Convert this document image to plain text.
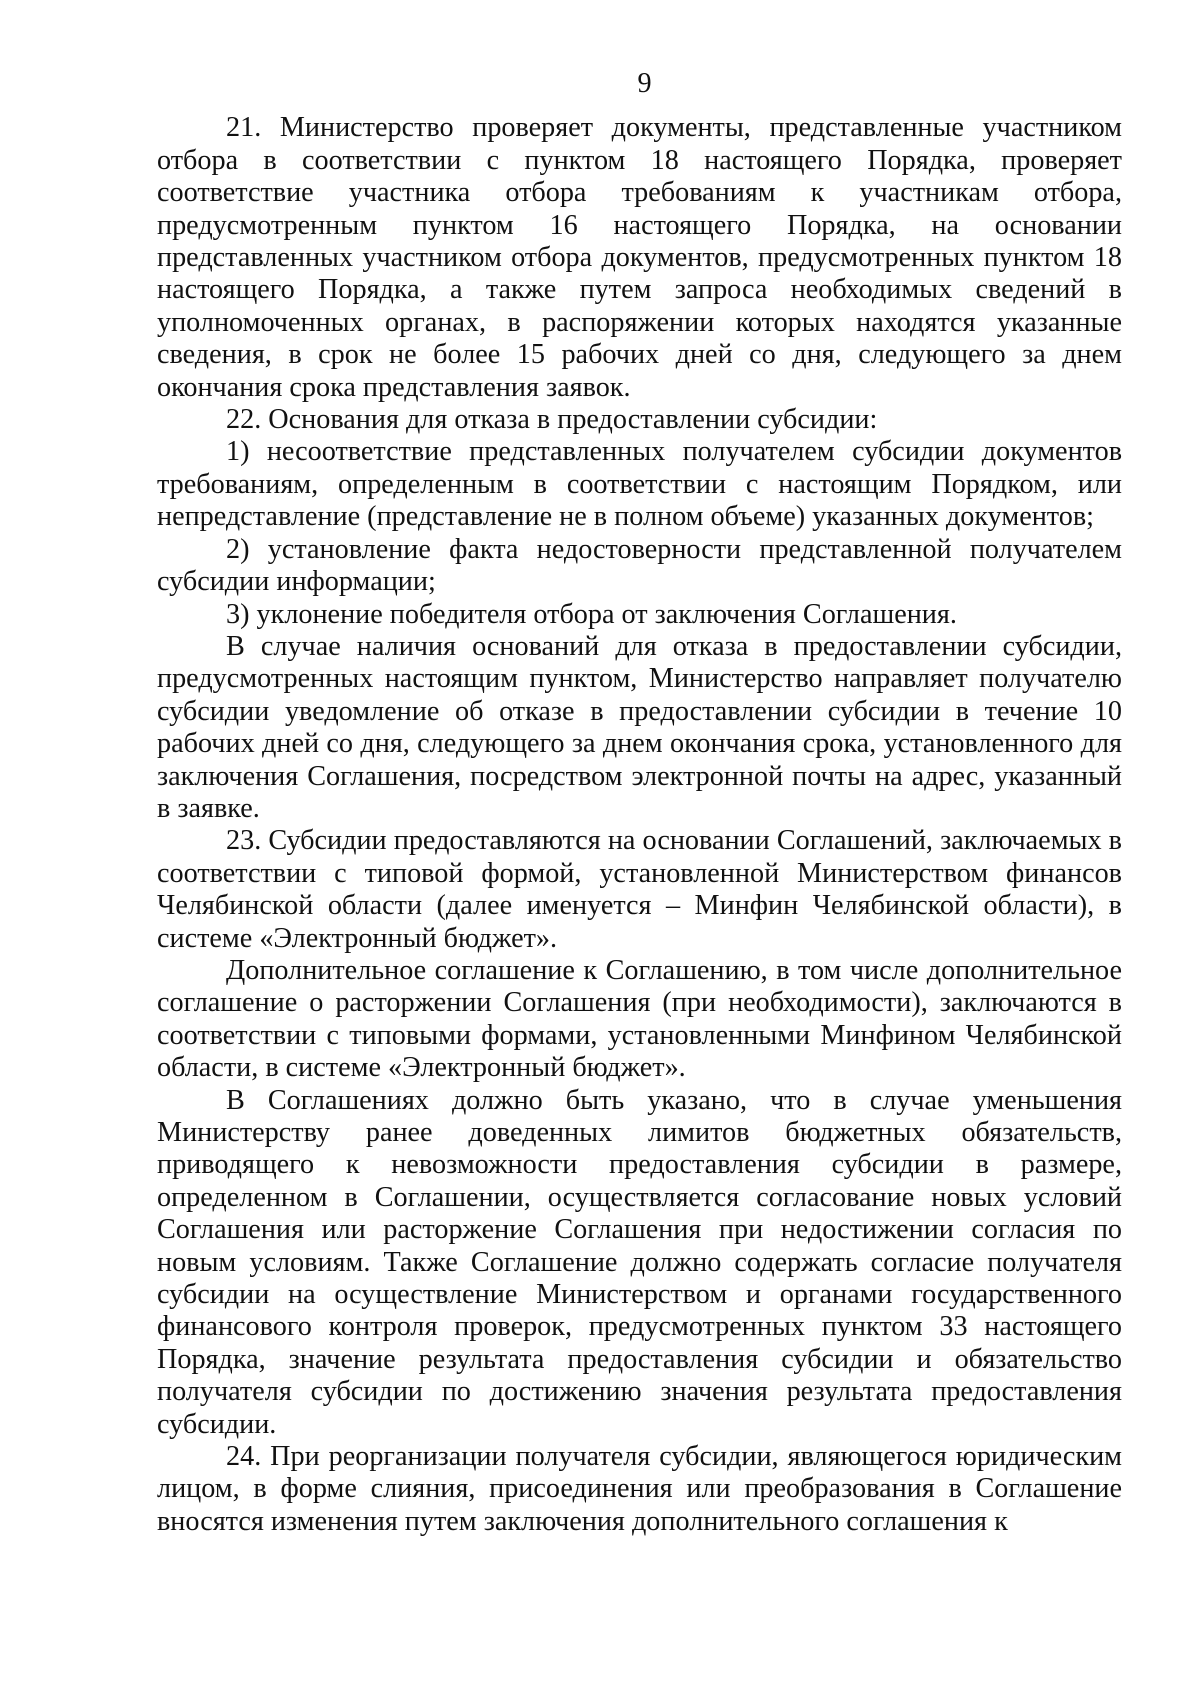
9

21. Министерство проверяет документы, представленные участником отбора в соответствии с пунктом 18 настоящего Порядка, проверяет соответствие участника отбора требованиям к участникам отбора, предусмотренным пунктом 16 настоящего Порядка, на основании представленных участником отбора документов, предусмотренных пунктом 18 настоящего Порядка, а также путем запроса необходимых сведений в уполномоченных органах, в распоряжении которых находятся указанные сведения, в срок не более 15 рабочих дней со дня, следующего за днем окончания срока представления заявок.

22. Основания для отказа в предоставлении субсидии:

1) несоответствие представленных получателем субсидии документов требованиям, определенным в соответствии с настоящим Порядком, или непредставление (представление не в полном объеме) указанных документов;

2) установление факта недостоверности представленной получателем субсидии информации;

3) уклонение победителя отбора от заключения Соглашения.

В случае наличия оснований для отказа в предоставлении субсидии, предусмотренных настоящим пунктом, Министерство направляет получателю субсидии уведомление об отказе в предоставлении субсидии в течение 10 рабочих дней со дня, следующего за днем окончания срока, установленного для заключения Соглашения, посредством электронной почты на адрес, указанный в заявке.

23. Субсидии предоставляются на основании Соглашений, заключаемых в соответствии с типовой формой, установленной Министерством финансов Челябинской области (далее именуется – Минфин Челябинской области), в системе «Электронный бюджет».

Дополнительное соглашение к Соглашению, в том числе дополнительное соглашение о расторжении Соглашения (при необходимости), заключаются в соответствии с типовыми формами, установленными Минфином Челябинской области, в системе «Электронный бюджет».

В Соглашениях должно быть указано, что в случае уменьшения Министерству ранее доведенных лимитов бюджетных обязательств, приводящего к невозможности предоставления субсидии в размере, определенном в Соглашении, осуществляется согласование новых условий Соглашения или расторжение Соглашения при недостижении согласия по новым условиям. Также Соглашение должно содержать согласие получателя субсидии на осуществление Министерством и органами государственного финансового контроля проверок, предусмотренных пунктом 33 настоящего Порядка, значение результата предоставления субсидии и обязательство получателя субсидии по достижению значения результата предоставления субсидии.

24. При реорганизации получателя субсидии, являющегося юридическим лицом, в форме слияния, присоединения или преобразования в Соглашение вносятся изменения путем заключения дополнительного соглашения к
